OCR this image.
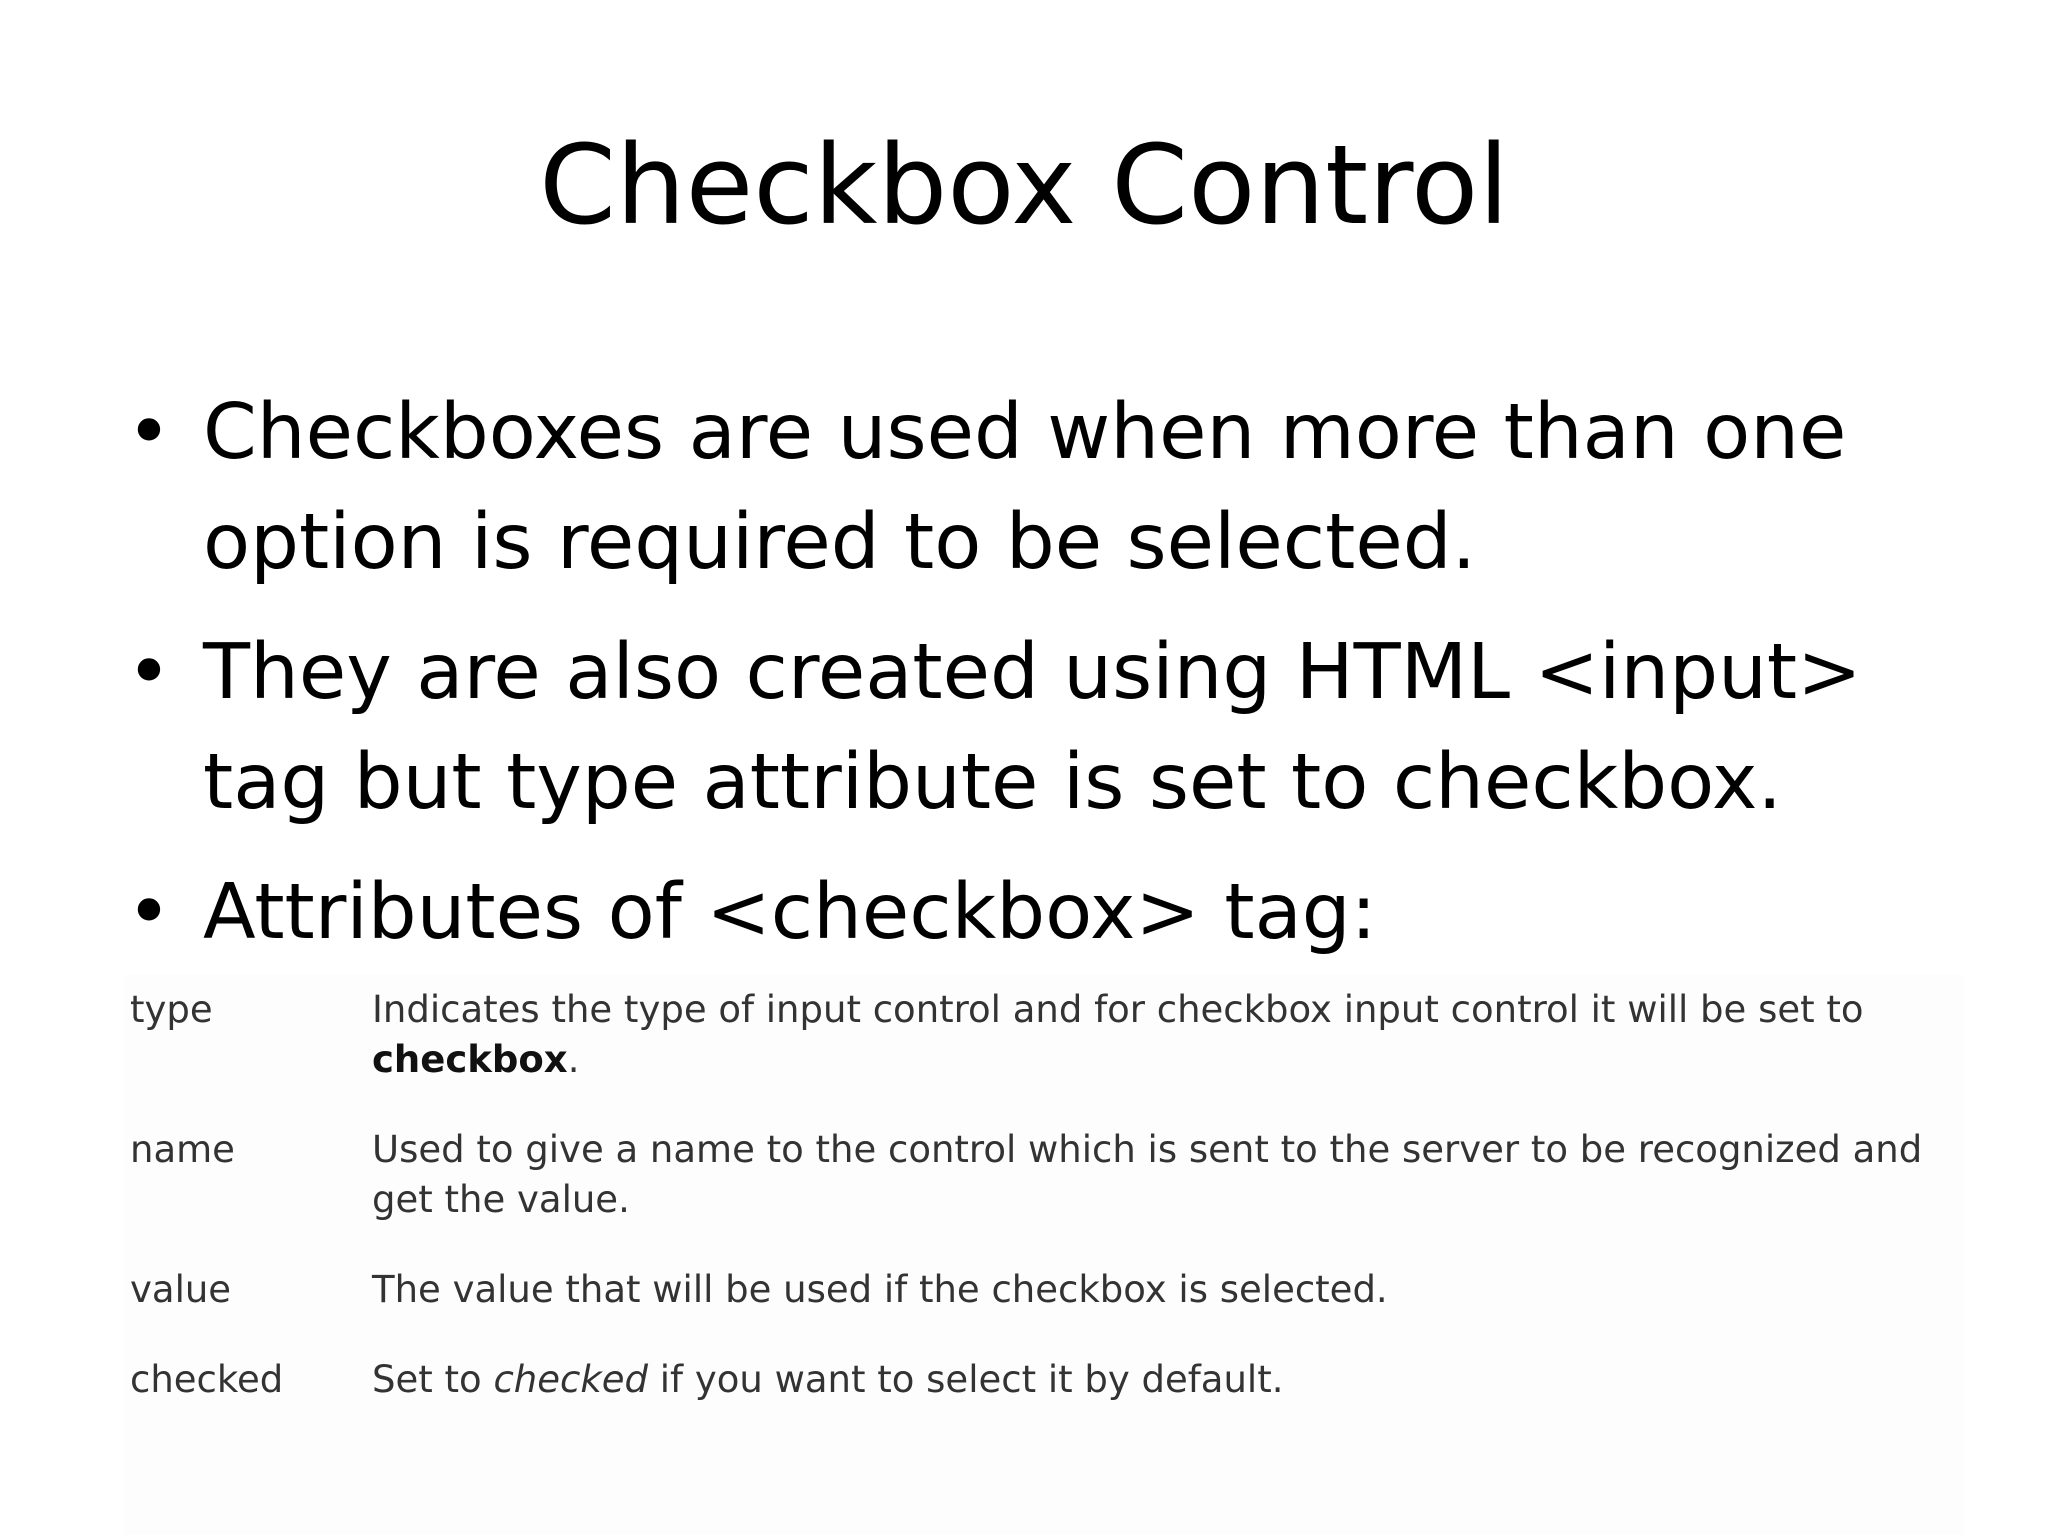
Checkbox Control
• Checkboxes are used when more than one option is required to be selected.
• They are also created using HTML <input> tag but type attribute is set to checkbox.
• Attributes of <checkbox> tag:
type	Indicates the type of input control and for checkbox input control it will be set to checkbox.
name	Used to give a name to the control which is sent to the server to be recognized and get the value.
value	The value that will be used if the checkbox is selected.
checked	Set to checked if you want to select it by default.
